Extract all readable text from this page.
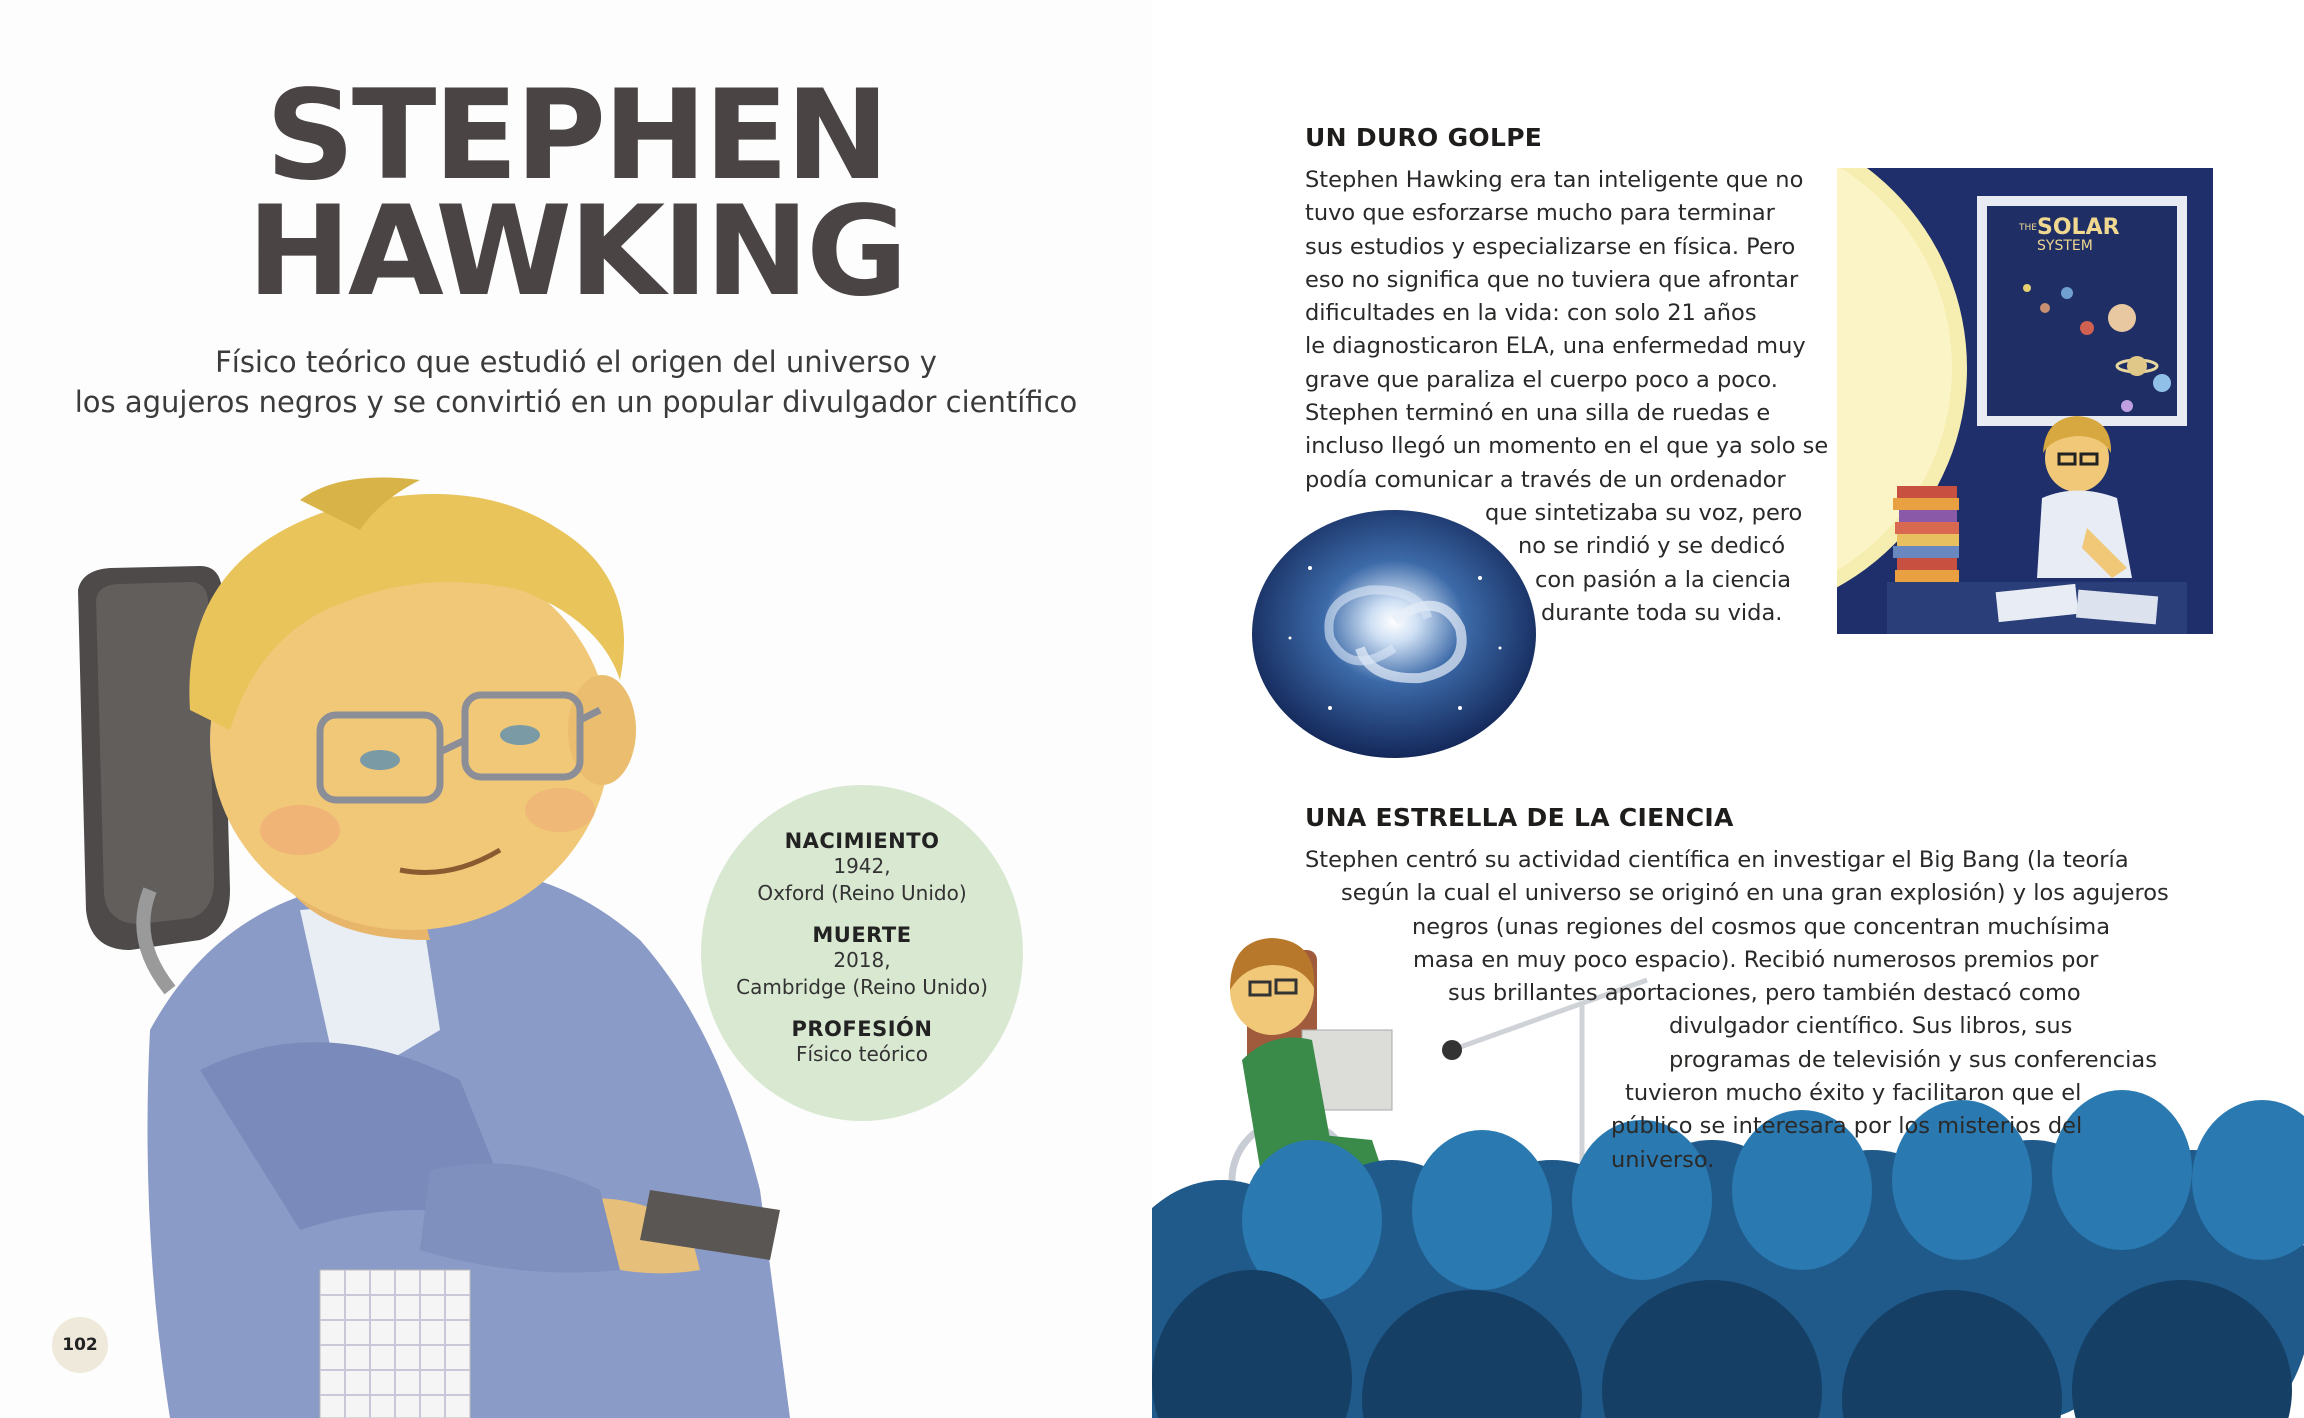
STEPHEN
HAWKING

Físico teórico que estudió el origen del universo y
los agujeros negros y se convirtió en un popular divulgador científico

NACIMIENTO
1942,
Oxford (Reino Unido)
MUERTE
2018,
Cambridge (Reino Unido)
PROFESIÓN
Físico teórico
102
UN DURO GOLPE

Stephen Hawking era tan inteligente que no
tuvo que esforzarse mucho para terminar
sus estudios y especializarse en física. Pero
eso no significa que no tuviera que afrontar
dificultades en la vida: con solo 21 años
le diagnosticaron ELA, una enfermedad muy
grave que paraliza el cuerpo poco a poco.
Stephen terminó en una silla de ruedas e
incluso llegó un momento en el que ya solo se
podía comunicar a través de un ordenador
que sintetizaba su voz, pero
no se rindió y se dedicó
con pasión a la ciencia
durante toda su vida.

THE SOLAR
SYSTEM
UNA ESTRELLA DE LA CIENCIA

Stephen centró su actividad científica en investigar el Big Bang (la teoría
según la cual el universo se originó en una gran explosión) y los agujeros
negros (unas regiones del cosmos que concentran muchísima
masa en muy poco espacio). Recibió numerosos premios por
sus brillantes aportaciones, pero también destacó como
divulgador científico. Sus libros, sus
programas de televisión y sus conferencias
tuvieron mucho éxito y facilitaron que el
público se interesara por los misterios del
universo.
